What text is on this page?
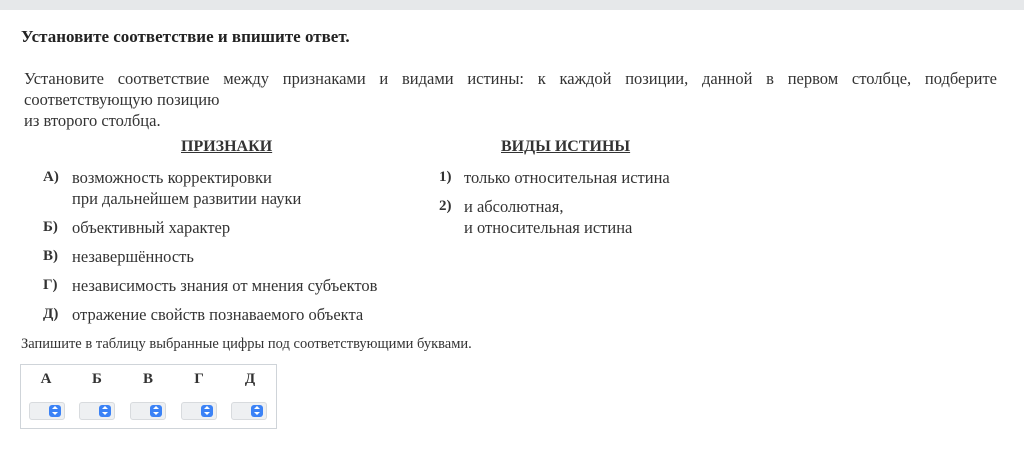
Установите соответствие и впишите ответ.
Установите соответствие между признаками и видами истины: к каждой позиции, данной в первом столбце, подберите
соответствующую позицию
из второго столбца.
ПРИЗНАКИ	ВИДЫ ИСТИНЫ
А) возможность корректировки
при дальнейшем развитии науки
Б) объективный характер
В) незавершённость
Г) независимость знания от мнения субъектов
Д) отражение свойств познаваемого объекта
1) только относительная истина
2) и абсолютная,
и относительная истина
Запишите в таблицу выбранные цифры под соответствующими буквами.
А	Б	В	Г	Д
